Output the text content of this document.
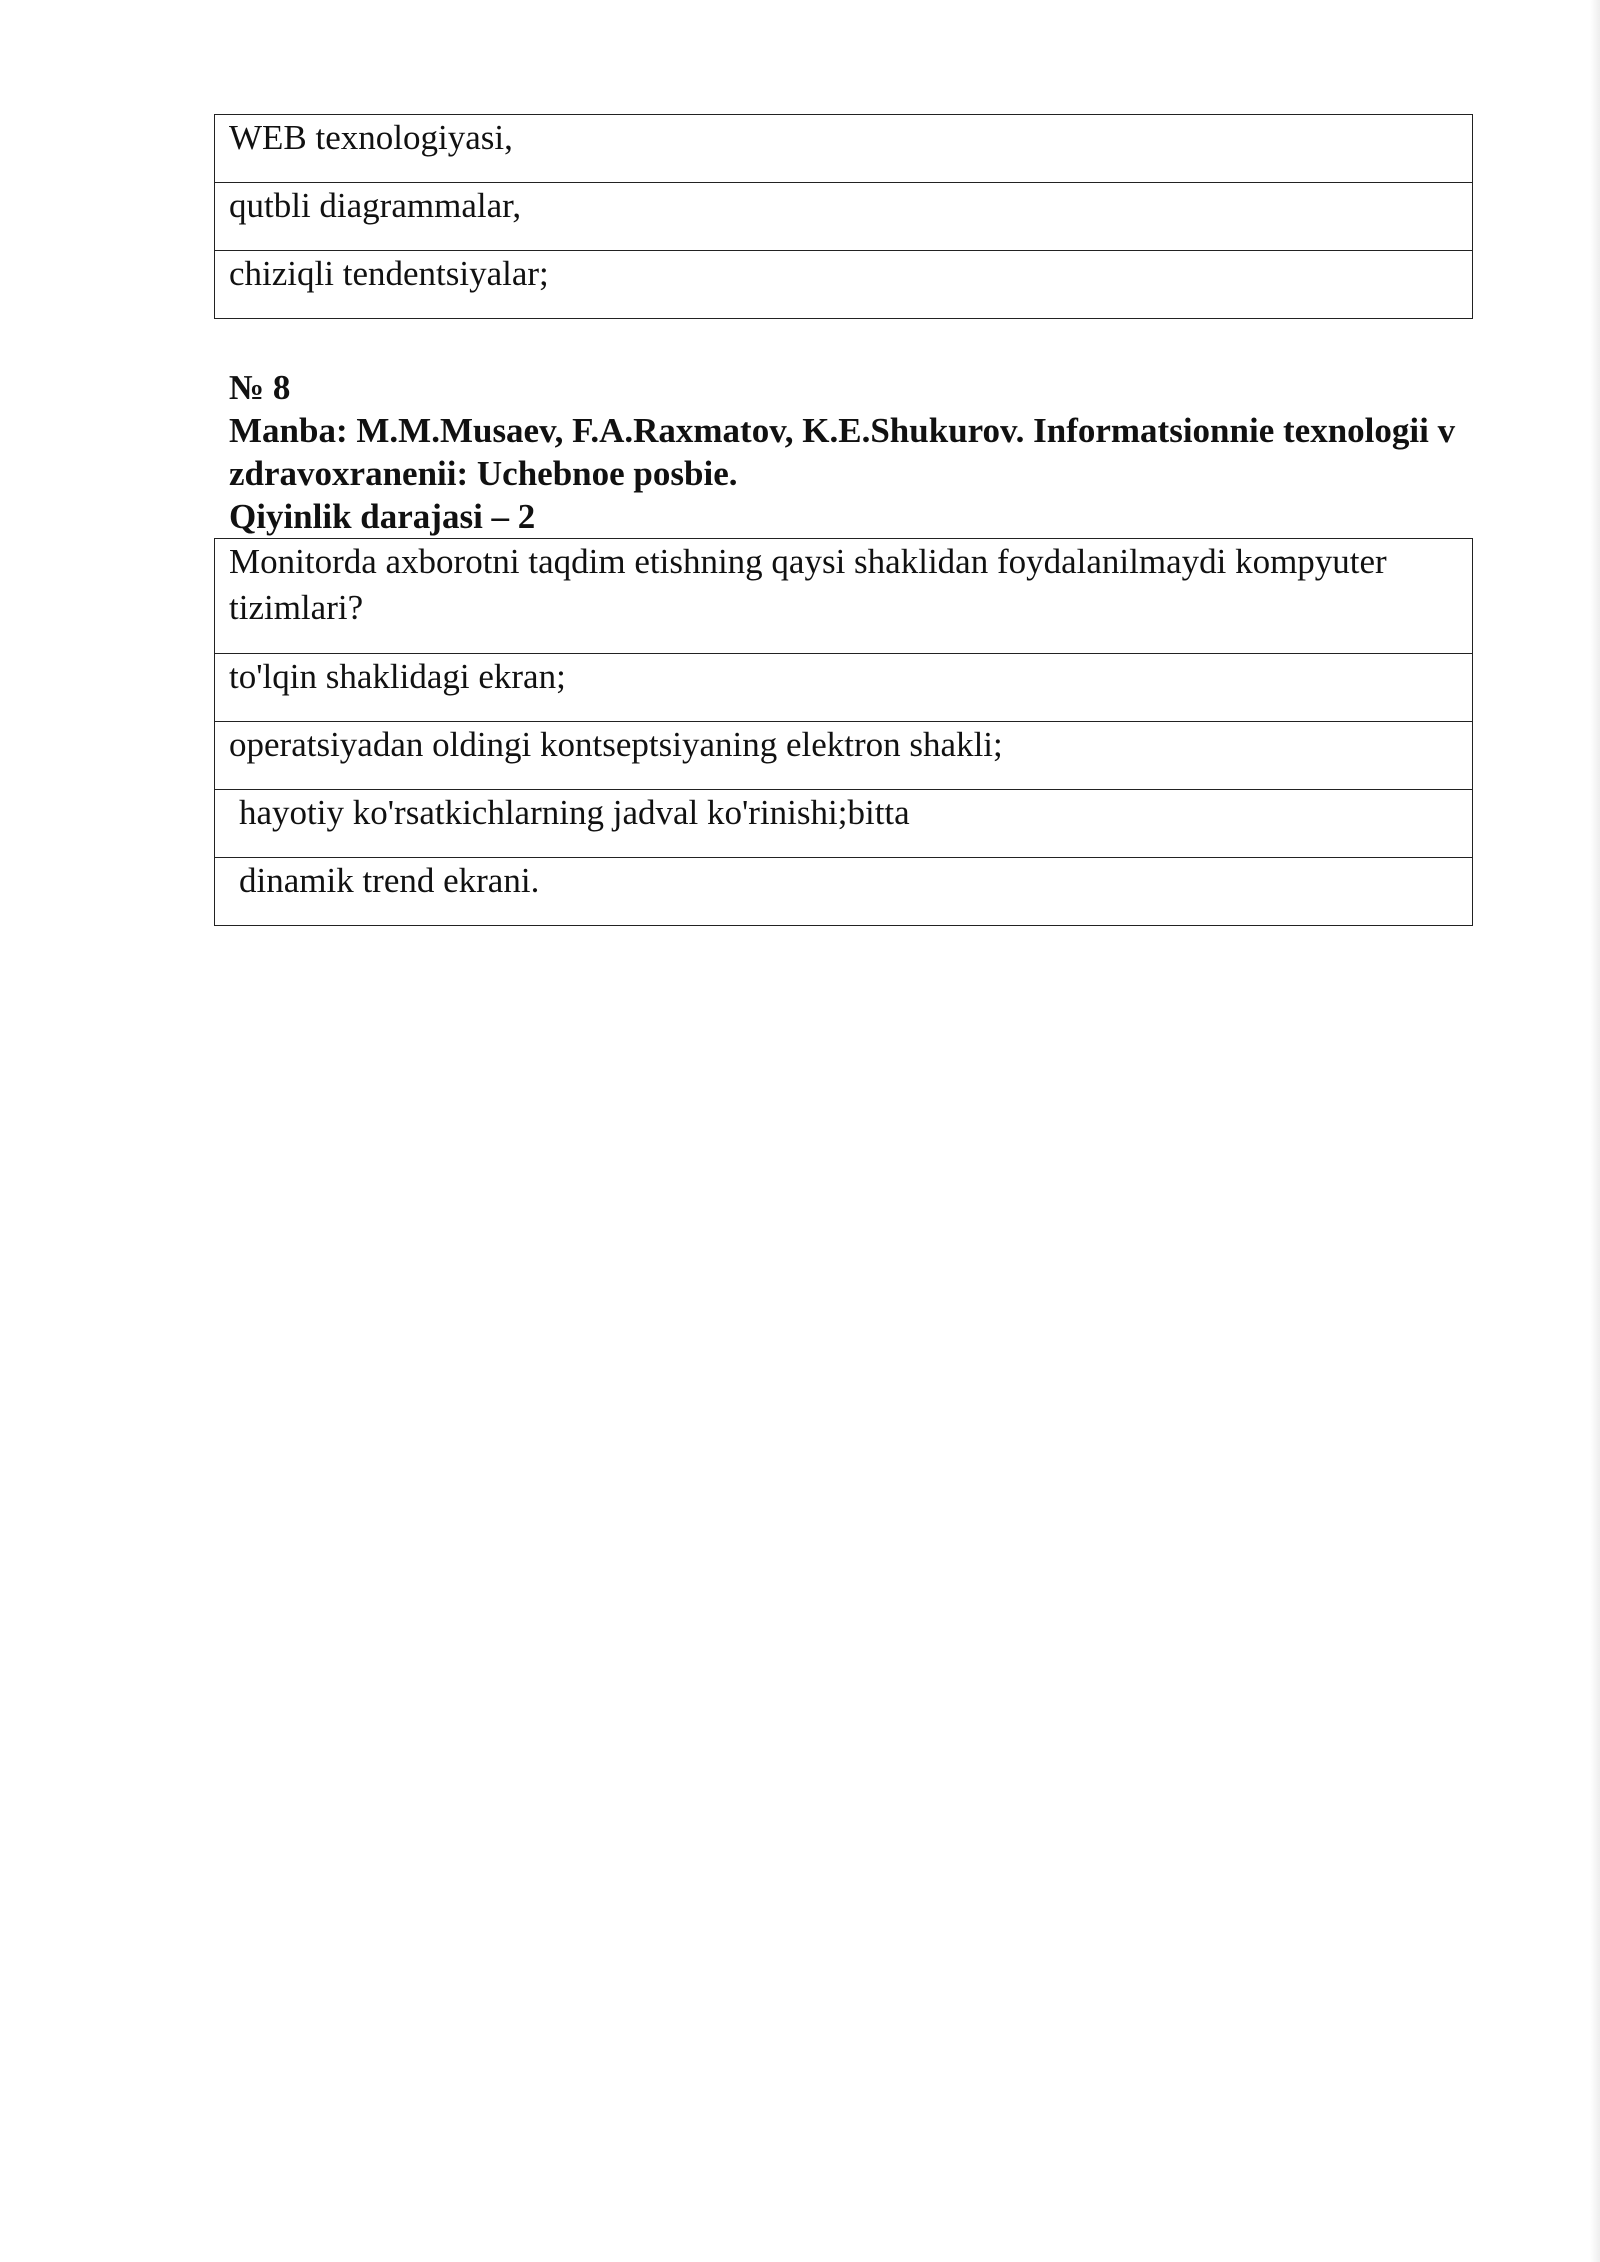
WEB texnologiyasi,
qutbli diagrammalar,
chiziqli tendentsiyalar;
№ 8
Manba: M.M.Musaev, F.A.Raxmatov, K.E.Shukurov. Informatsionnie texnologii v zdravoxranenii: Uchebnoe posbie.
Qiyinlik darajasi – 2
Monitorda axborotni taqdim etishning qaysi shaklidan foydalanilmaydi kompyuter tizimlari?
to'lqin shaklidagi ekran;
operatsiyadan oldingi kontseptsiyaning elektron shakli;
hayotiy ko'rsatkichlarning jadval ko'rinishi;bitta
dinamik trend ekrani.
